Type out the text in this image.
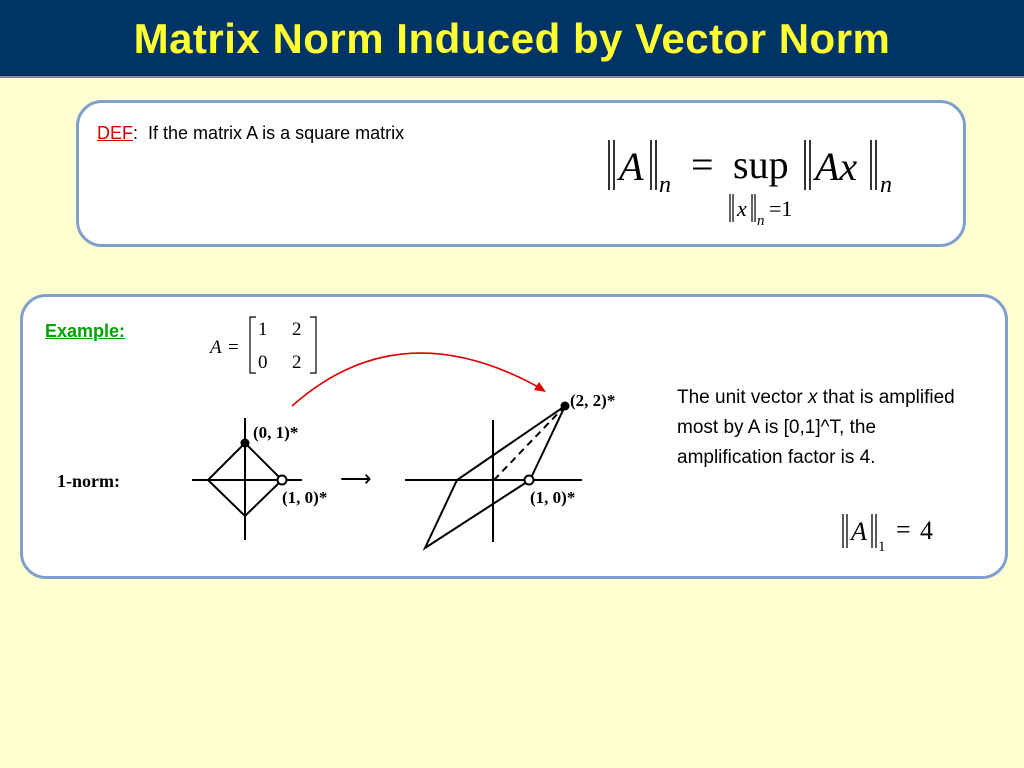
Matrix Norm Induced by Vector Norm
DEF: If the matrix A is a square matrix
A n = sup Ax n
x n =1
Example:
The unit vector x that is amplified most by A is [0,1]^T, the amplification factor is 4.
A =
1 2
0 2
(0, 1)*
(1, 0)*
1-norm:	⟶
(2, 2)*
(1, 0)*
A
1
= 4
